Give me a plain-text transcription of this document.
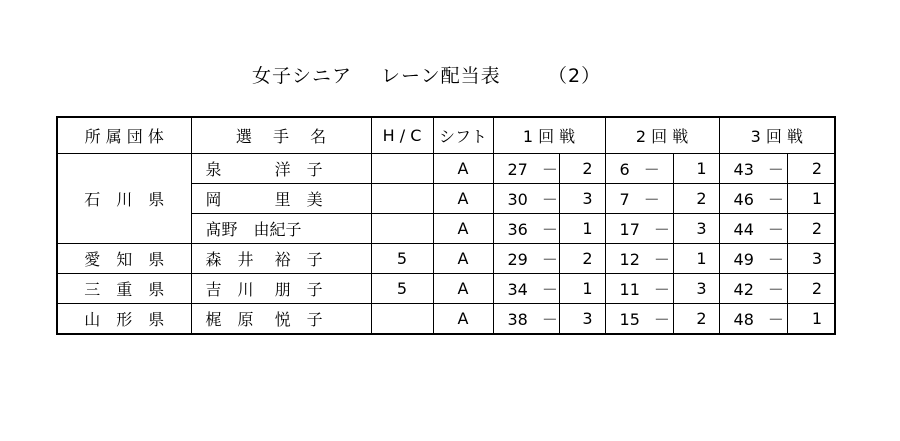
女子シニア レーン配当表 （2）
所 属 団 体	選　 手 　名	H / C	シフト	1 回 戦		2 回 戦		3 回 戦	
石　川　県	泉　　　 洋　子		A	27 －	2	6 －	1	43 －	2
	岡　　　 里　美		A	30 －	3	7 －	2	46 －	1
	髙野　由紀子		A	36 －	1	17 －	3	44 －	2
愛　知　県	森　井　 裕　子	5	A	29 －	2	12 －	1	49 －	3
三　重　県	吉　川　 朋　子	5	A	34 －	1	11 －	3	42 －	2
山　形　県	梶　原　 悦　子		A	38 －	3	15 －	2	48 －	1
